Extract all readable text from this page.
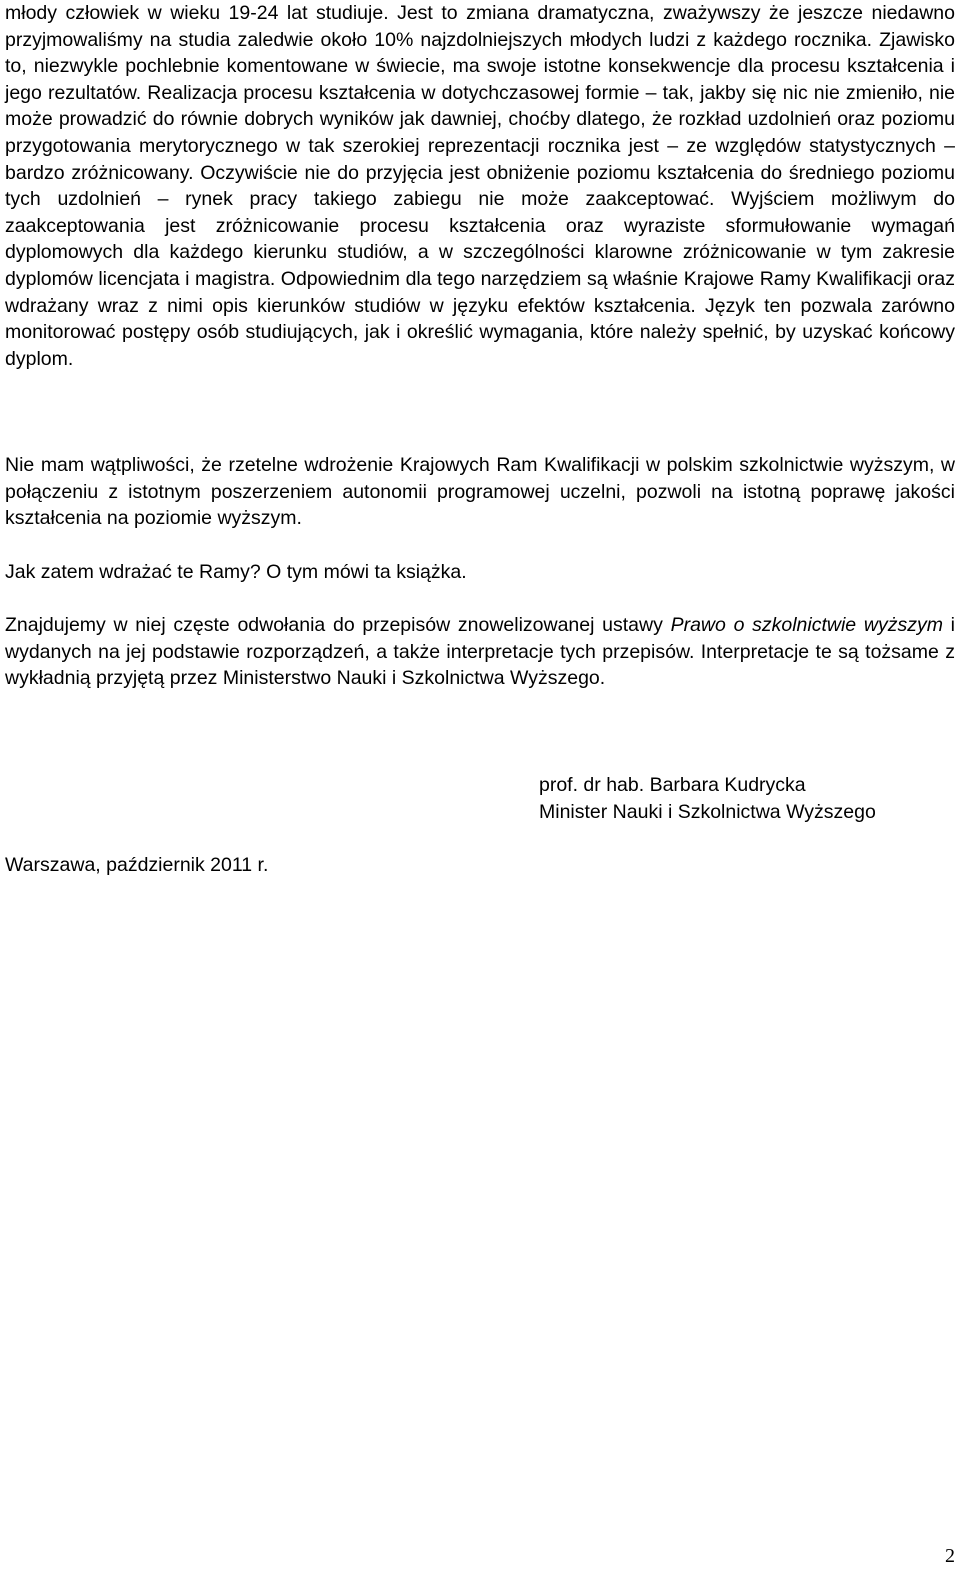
młody człowiek w wieku 19-24 lat studiuje. Jest to zmiana dramatyczna, zważywszy że jeszcze niedawno przyjmowaliśmy na studia zaledwie około 10% najzdolniejszych młodych ludzi z każdego rocznika. Zjawisko to, niezwykle pochlebnie komentowane w świecie, ma swoje istotne konsekwencje dla procesu kształcenia i jego rezultatów. Realizacja procesu kształcenia w dotychczasowej formie – tak, jakby się nic nie zmieniło, nie może prowadzić do równie dobrych wyników jak dawniej, choćby dlatego, że rozkład uzdolnień oraz poziomu przygotowania merytorycznego w tak szerokiej reprezentacji rocznika jest – ze względów statystycznych – bardzo zróżnicowany. Oczywiście nie do przyjęcia jest obniżenie poziomu kształcenia do średniego poziomu tych uzdolnień – rynek pracy takiego zabiegu nie może zaakceptować. Wyjściem możliwym do zaakceptowania jest zróżnicowanie procesu kształcenia oraz wyraziste sformułowanie wymagań dyplomowych dla każdego kierunku studiów, a w szczególności klarowne zróżnicowanie w tym zakresie dyplomów licencjata i magistra. Odpowiednim dla tego narzędziem są właśnie Krajowe Ramy Kwalifikacji oraz wdrażany wraz z nimi opis kierunków studiów w języku efektów kształcenia. Język ten pozwala zarówno monitorować postępy osób studiujących, jak i określić wymagania, które należy spełnić, by uzyskać końcowy dyplom.

Nie mam wątpliwości, że rzetelne wdrożenie Krajowych Ram Kwalifikacji w polskim szkolnictwie wyższym, w połączeniu z istotnym poszerzeniem autonomii programowej uczelni, pozwoli na istotną poprawę jakości kształcenia na poziomie wyższym.

Jak zatem wdrażać te Ramy? O tym mówi ta książka.

Znajdujemy w niej częste odwołania do przepisów znowelizowanej ustawy Prawo o szkolnictwie wyższym i wydanych na jej podstawie rozporządzeń, a także interpretacje tych przepisów. Interpretacje te są tożsame z wykładnią przyjętą przez Ministerstwo Nauki i Szkolnictwa Wyższego.

prof. dr hab. Barbara Kudrycka
Minister Nauki i Szkolnictwa Wyższego
Warszawa, październik 2011 r.
2
